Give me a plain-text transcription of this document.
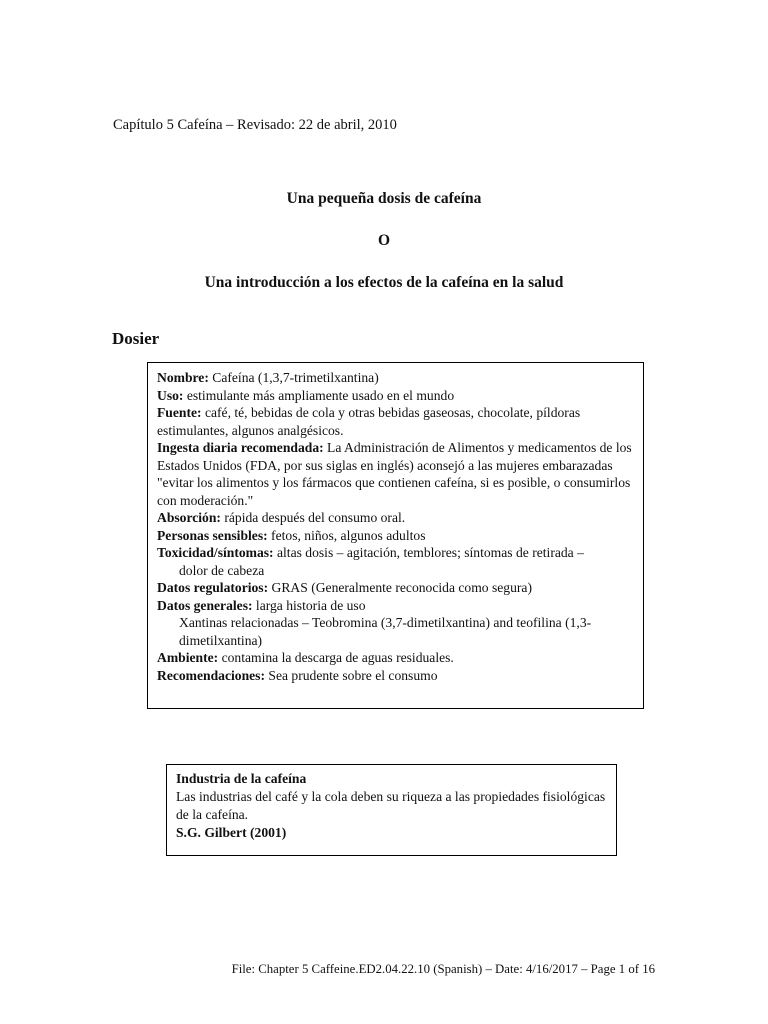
Capítulo 5 Cafeína – Revisado: 22 de abril, 2010
Una pequeña dosis de cafeína
O
Una introducción a los efectos de la cafeína en la salud
Dosier

Nombre: Cafeína (1,3,7-trimetilxantina)

Uso: estimulante más ampliamente usado en el mundo

Fuente: café, té, bebidas de cola y otras bebidas gaseosas, chocolate, píldoras estimulantes, algunos analgésicos.

Ingesta diaria recomendada: La Administración de Alimentos y medicamentos de los Estados Unidos (FDA, por sus siglas en inglés) aconsejó a las mujeres embarazadas "evitar los alimentos y los fármacos que contienen cafeína, si es posible, o consumirlos con moderación."

Absorción: rápida después del consumo oral.

Personas sensibles: fetos, niños, algunos adultos

Toxicidad/síntomas: altas dosis – agitación, temblores; síntomas de retirada –

dolor de cabeza

Datos regulatorios: GRAS (Generalmente reconocida como segura)

Datos generales: larga historia de uso

Xantinas relacionadas – Teobromina (3,7-dimetilxantina) and teofilina (1,3-dimetilxantina)

Ambiente: contamina la descarga de aguas residuales.

Recomendaciones: Sea prudente sobre el consumo

Industria de la cafeína
Las industrias del café y la cola deben su riqueza a las propiedades fisiológicas de la cafeína.
S.G. Gilbert (2001)
File: Chapter 5 Caffeine.ED2.04.22.10 (Spanish) – Date: 4/16/2017 – Page 1 of 16
